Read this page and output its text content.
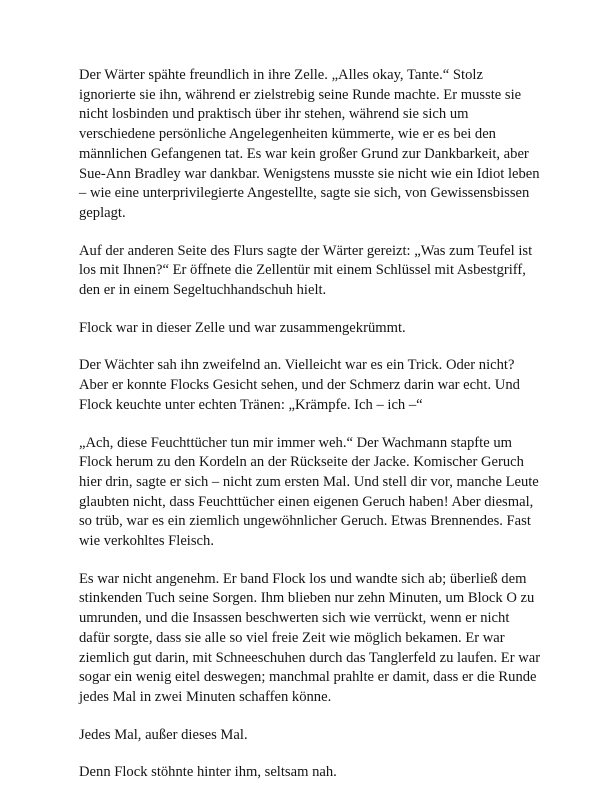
Der Wärter spähte freundlich in ihre Zelle. „Alles okay, Tante.“ Stolz ignorierte sie ihn, während er zielstrebig seine Runde machte. Er musste sie nicht losbinden und praktisch über ihr stehen, während sie sich um verschiedene persönliche Angelegenheiten kümmerte, wie er es bei den männlichen Gefangenen tat. Es war kein großer Grund zur Dankbarkeit, aber Sue-Ann Bradley war dankbar. Wenigstens musste sie nicht wie ein Idiot leben – wie eine unterprivilegierte Angestellte, sagte sie sich, von Gewissensbissen geplagt.

Auf der anderen Seite des Flurs sagte der Wärter gereizt: „Was zum Teufel ist los mit Ihnen?“ Er öffnete die Zellentür mit einem Schlüssel mit Asbestgriff, den er in einem Segeltuchhandschuh hielt.

Flock war in dieser Zelle und war zusammengekrümmt.

Der Wächter sah ihn zweifelnd an. Vielleicht war es ein Trick. Oder nicht? Aber er konnte Flocks Gesicht sehen, und der Schmerz darin war echt. Und Flock keuchte unter echten Tränen: „Krämpfe. Ich – ich –“

„Ach, diese Feuchttücher tun mir immer weh.“ Der Wachmann stapfte um Flock herum zu den Kordeln an der Rückseite der Jacke. Komischer Geruch hier drin, sagte er sich – nicht zum ersten Mal. Und stell dir vor, manche Leute glaubten nicht, dass Feuchttücher einen eigenen Geruch haben! Aber diesmal, so trüb, war es ein ziemlich ungewöhnlicher Geruch. Etwas Brennendes. Fast wie verkohltes Fleisch.

Es war nicht angenehm. Er band Flock los und wandte sich ab; überließ dem stinkenden Tuch seine Sorgen. Ihm blieben nur zehn Minuten, um Block O zu umrunden, und die Insassen beschwerten sich wie verrückt, wenn er nicht dafür sorgte, dass sie alle so viel freie Zeit wie möglich bekamen. Er war ziemlich gut darin, mit Schneeschuhen durch das Tanglerfeld zu laufen. Er war sogar ein wenig eitel deswegen; manchmal prahlte er damit, dass er die Runde jedes Mal in zwei Minuten schaffen könne.

Jedes Mal, außer dieses Mal.

Denn Flock stöhnte hinter ihm, seltsam nah.
